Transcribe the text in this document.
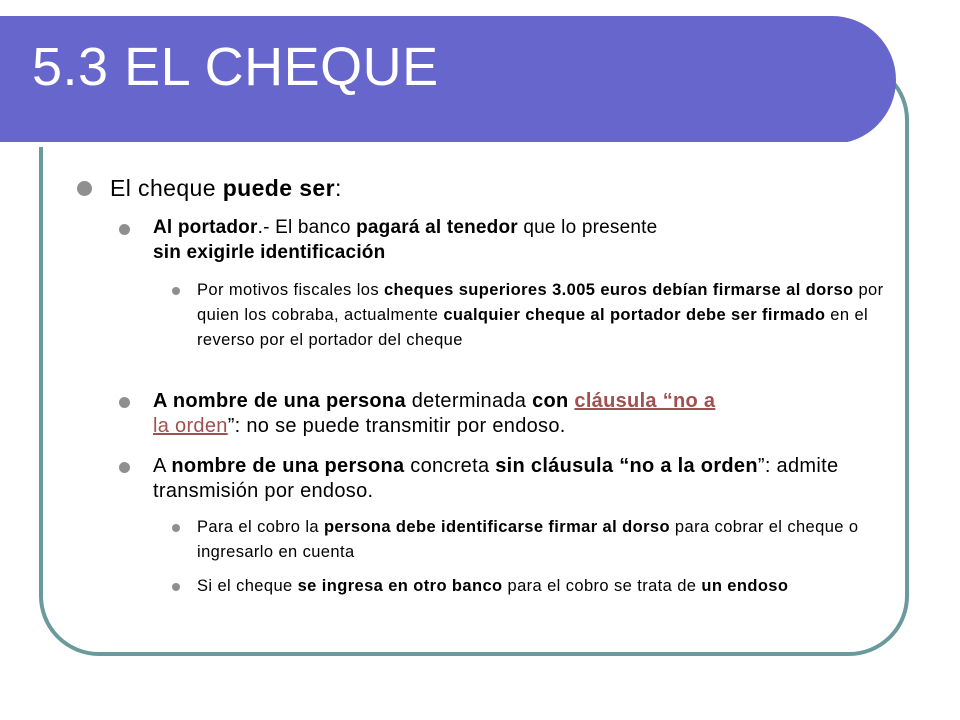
5.3 EL CHEQUE

El cheque puede ser:

Al portador.- El banco pagará al tenedor que lo presente
sin exigirle identificación

Por motivos fiscales los cheques superiores 3.005 euros debían firmarse al dorso por quien los cobraba, actualmente cualquier cheque al portador debe ser firmado en el reverso por el portador del cheque

A nombre de una persona determinada con cláusula “no a
la orden”: no se puede transmitir por endoso.

A nombre de una persona concreta sin cláusula “no a la orden”: admite transmisión por endoso.

Para el cobro la persona debe identificarse firmar al dorso para cobrar el cheque o ingresarlo en cuenta

Si el cheque se ingresa en otro banco para el cobro se trata de un endoso
